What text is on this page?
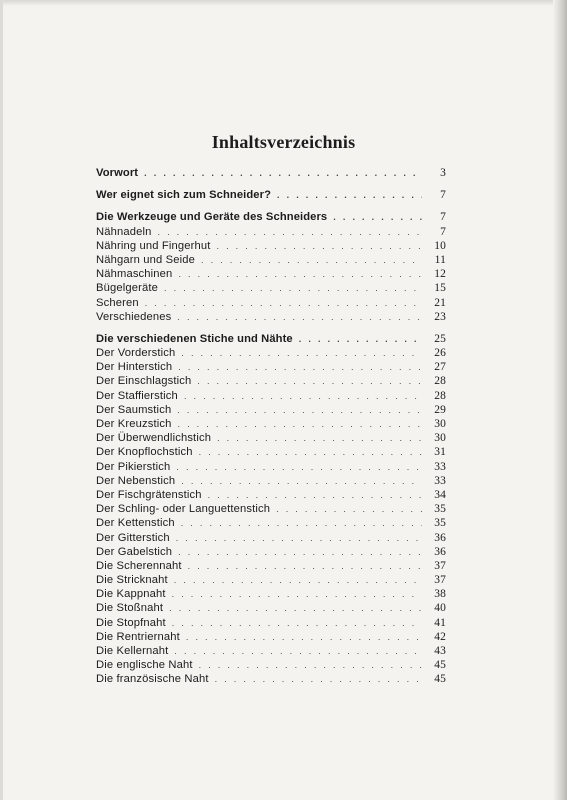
Inhaltsverzeichnis
Vorwort . . .	3
Wer eignet sich zum Schneider? . . .	7
Die Werkzeuge und Geräte des Schneiders . . .	7
Nähnadeln . . .	7
Nähring und Fingerhut . . .	10
Nähgarn und Seide . . .	11
Nähmaschinen . . .	12
Bügelgeräte . . .	15
Scheren . . .	21
Verschiedenes . . .	23
Die verschiedenen Stiche und Nähte . . .	25
Der Vorderstich . . .	26
Der Hinterstich . . .	27
Der Einschlagstich . . .	28
Der Staffierstich . . .	28
Der Saumstich . . .	29
Der Kreuzstich . . .	30
Der Überwendlichstich . . .	30
Der Knopflochstich . . .	31
Der Pikierstich . . .	33
Der Nebenstich . . .	33
Der Fischgrätenstich . . .	34
Der Schling- oder Languettenstich . . .	35
Der Kettenstich . . .	35
Der Gitterstich . . .	36
Der Gabelstich . . .	36
Die Scherennaht . . .	37
Die Stricknaht . . .	37
Die Kappnaht . . .	38
Die Stoßnaht . . .	40
Die Stopfnaht . . .	41
Die Rentriernaht . . .	42
Die Kellernaht . . .	43
Die englische Naht . . .	45
Die französische Naht . . .	45
